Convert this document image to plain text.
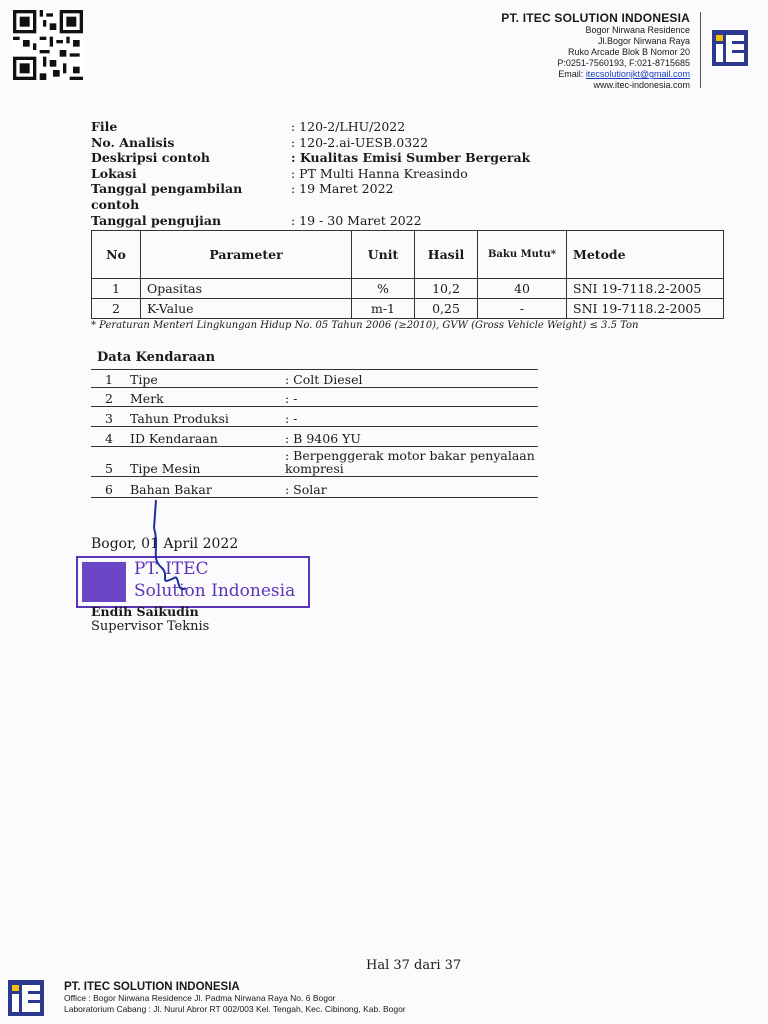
PT. ITEC SOLUTION INDONESIA
Bogor Nirwana Residence
Jl.Bogor Nirwana Raya
Ruko Arcade Blok B Nomor 20
P:0251-7560193, F:021-8715685
Email: itecsolutionjkt@gmail.com
www.itec-indonesia.com
File	: 120-2/LHU/2022
No. Analisis	: 120-2.ai-UESB.0322
Deskripsi contoh	: Kualitas Emisi Sumber Bergerak
Lokasi	: PT Multi Hanna Kreasindo
Tanggal pengambilan contoh
: 19 Maret 2022
Tanggal pengujian	: 19 - 30 Maret 2022
No	Parameter	Unit	Hasil	Baku Mutu*	Metode
1	Opasitas	%	10,2	40	SNI 19-7118.2-2005
2	K-Value	m-1	0,25	-	SNI 19-7118.2-2005
* Peraturan Menteri Lingkungan Hidup No. 05 Tahun 2006 (≥2010), GVW (Gross Vehicle Weight) ≤ 3.5 Ton
Data Kendaraan
1	Tipe	: Colt Diesel
2	Merk	: -
3	Tahun Produksi	: -
4	ID Kendaraan	: B 9406 YU
5	Tipe Mesin
: Berpenggerak motor bakar penyalaan kompresi
6	Bahan Bakar	: Solar
Bogor, 01 April 2022
PT. ITEC
Solution Indonesia
Endih Saikudin
Supervisor Teknis
Hal 37 dari 37
PT. ITEC SOLUTION INDONESIA
Office : Bogor Nirwana Residence Jl. Padma Nirwana Raya No. 6 Bogor
Laboratorium Cabang : Jl. Nurul Abror RT 002/003 Kel. Tengah, Kec. Cibinong, Kab. Bogor
